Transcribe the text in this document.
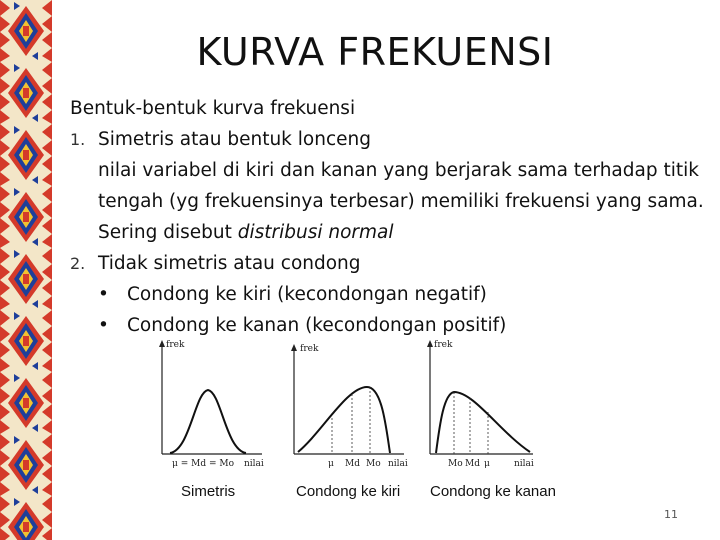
KURVA FREKUENSI
Bentuk-bentuk kurva frekuensi
1. Simetris atau bentuk lonceng
nilai variabel di kiri dan kanan yang berjarak sama terhadap titik
tengah (yg frekuensinya terbesar) memiliki frekuensi yang sama.
Sering disebut distribusi normal
2. Tidak simetris atau condong
• Condong ke kiri (kecondongan negatif)
• Condong ke kanan (kecondongan positif)
frek
μ = Md = Mo nilai
frek
μ Md Mo nilai
frek
Mo Md μ	nilai
Simetris	Condong ke kiri Condong ke kanan
11
